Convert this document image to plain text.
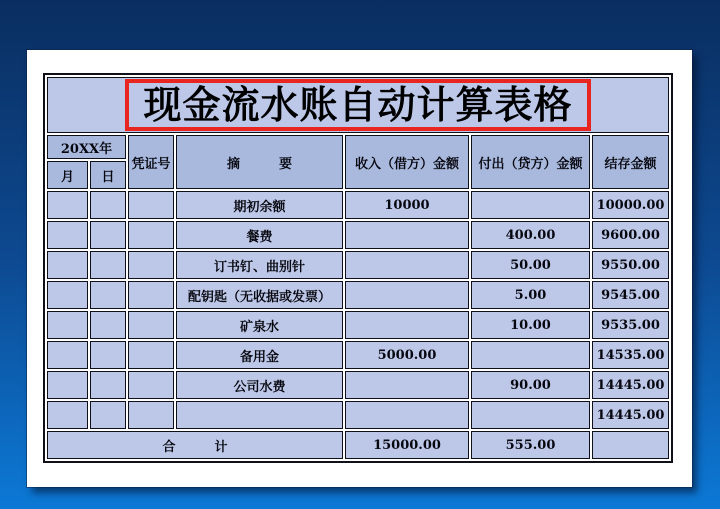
现金流水账自动计算表格						
20XX年		凭证号	摘　　　要	收入（借方）金额	付出（贷方）金额	结存金额
月	日					
			期初余额	10000		10000.00
			餐费		400.00	9600.00
			订书钉、曲别针		50.00	9550.00
			配钥匙（无收据或发票）		5.00	9545.00
			矿泉水		10.00	9535.00
			备用金	5000.00		14535.00
			公司水费		90.00	14445.00
						14445.00
合　　　计				15000.00	555.00	
